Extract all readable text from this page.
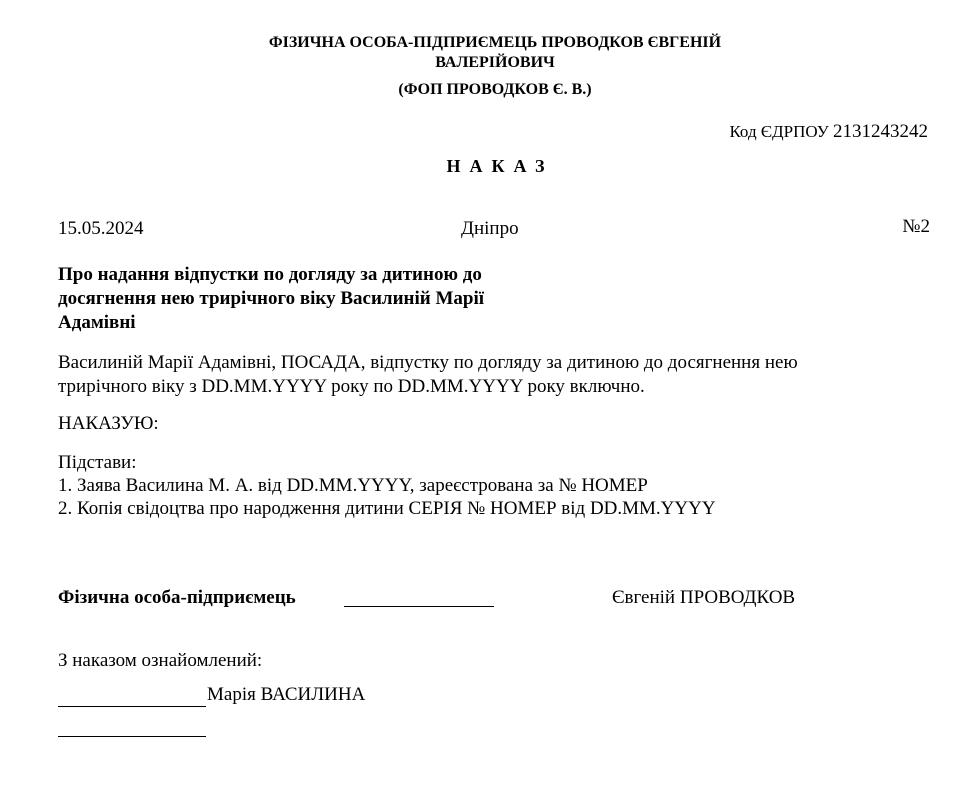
ФІЗИЧНА ОСОБА-ПІДПРИЄМЕЦЬ ПРОВОДКОВ ЄВГЕНІЙ
ВАЛЕРІЙОВИЧ
(ФОП ПРОВОДКОВ Є. В.)
Код ЄДРПОУ 2131243242
НАКАЗ
15.05.2024	Дніпро	№2
Про надання відпустки по догляду за дитиною до
досягнення нею трирічного віку Василиній Марії
Адамівні
Василиній Марії Адамівні, ПОСАДА, відпустку по догляду за дитиною до досягнення нею
трирічного віку з DD.MM.YYYY року по DD.MM.YYYY року включно.
НАКАЗУЮ:
Підстави:
1. Заява Василина М. А. від DD.MM.YYYY, зареєстрована за № НОМЕР
2. Копія свідоцтва про народження дитини СЕРІЯ № НОМЕР від DD.MM.YYYY
Фізична особа-підприємець	Євгеній ПРОВОДКОВ
З наказом ознайомлений:
Марія ВАСИЛИНА
